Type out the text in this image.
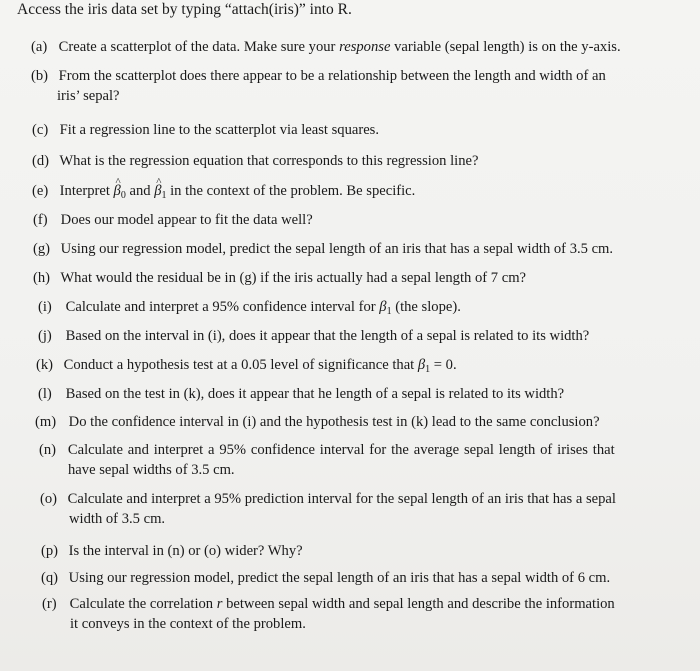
Access the iris data set by typing “attach(iris)” into R.
(a) Create a scatterplot of the data. Make sure your response variable (sepal length) is on the y-axis.
(b) From the scatterplot does there appear to be a relationship between the length and width of an
iris’ sepal?
(c) Fit a regression line to the scatterplot via least squares.
(d) What is the regression equation that corresponds to this regression line?
(e) Interpret ^ $\beta_0$ and ^ $\beta_1$ in the context of the problem. Be specific.
(f) Does our model appear to fit the data well?
(g) Using our regression model, predict the sepal length of an iris that has a sepal width of 3.5 cm.
(h) What would the residual be in (g) if the iris actually had a sepal length of 7 cm?
(i) Calculate and interpret a 95% confidence interval for $\beta_1$ (the slope).
(j) Based on the interval in (i), does it appear that the length of a sepal is related to its width?
(k) Conduct a hypothesis test at a 0.05 level of significance that $\beta_1 = 0$.
(l) Based on the test in (k), does it appear that he length of a sepal is related to its width?
(m) Do the confidence interval in (i) and the hypothesis test in (k) lead to the same conclusion?
(n) Calculate and interpret a 95% confidence interval for the average sepal length of irises that
have sepal widths of 3.5 cm.
(o) Calculate and interpret a 95% prediction interval for the sepal length of an iris that has a sepal
width of 3.5 cm.
(p) Is the interval in (n) or (o) wider? Why?
(q) Using our regression model, predict the sepal length of an iris that has a sepal width of 6 cm.
(r) Calculate the correlation r between sepal width and sepal length and describe the information
it conveys in the context of the problem.
